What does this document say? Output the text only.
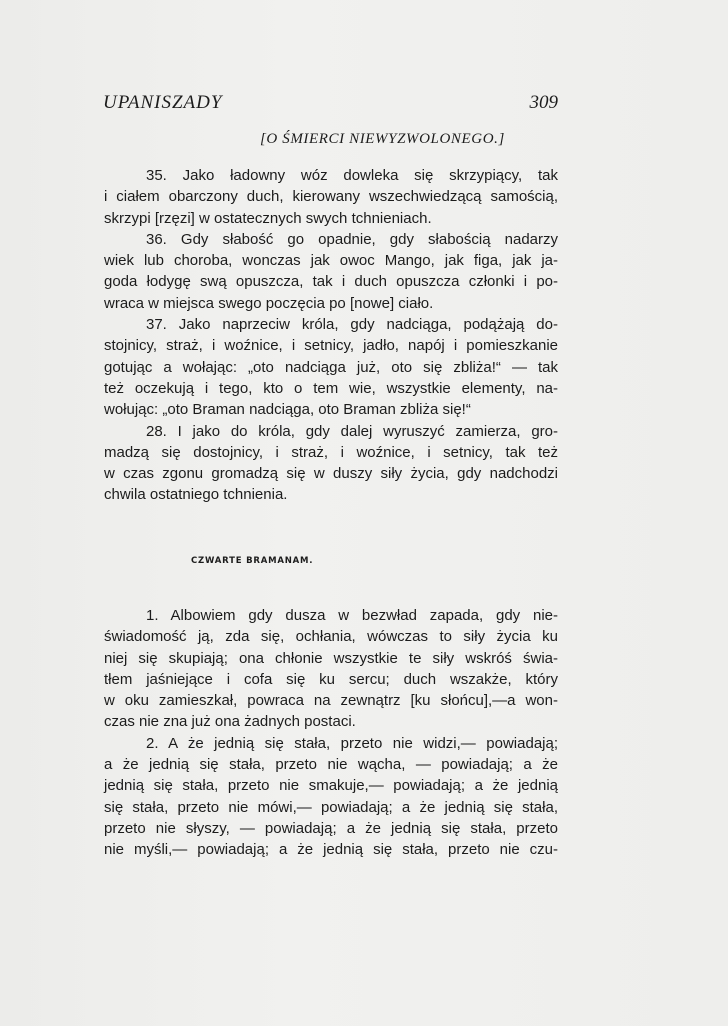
UPANISZADY	309
[O ŚMIERCI NIEWYZWOLONEGO.]
35. Jako ładowny wóz dowleka się skrzypiący, tak
i ciałem obarczony duch, kierowany wszechwiedzącą samością,
skrzypi [rzęzi] w ostatecznych swych tchnieniach.
36. Gdy słabość go opadnie, gdy słabością nadarzy
wiek lub choroba, wonczas jak owoc Mango, jak figa, jak ja-
goda łodygę swą opuszcza, tak i duch opuszcza członki i po-
wraca w miejsca swego poczęcia po [nowe] ciało.
37. Jako naprzeciw króla, gdy nadciąga, podążają do-
stojnicy, straż, i woźnice, i setnicy, jadło, napój i pomieszkanie
gotując a wołając: „oto nadciąga już, oto się zbliża!“ — tak
też oczekują i tego, kto o tem wie, wszystkie elementy, na-
wołując: „oto Braman nadciąga, oto Braman zbliża się!“
28. I jako do króla, gdy dalej wyruszyć zamierza, gro-
madzą się dostojnicy, i straż, i woźnice, i setnicy, tak też
w czas zgonu gromadzą się w duszy siły życia, gdy nadchodzi
chwila ostatniego tchnienia.
CZWARTE BRAMANAM.
1. Albowiem gdy dusza w bezwład zapada, gdy nie-
świadomość ją, zda się, ochłania, wówczas to siły życia ku
niej się skupiają; ona chłonie wszystkie te siły wskróś świa-
tłem jaśniejące i cofa się ku sercu; duch wszakże, który
w oku zamieszkał, powraca na zewnątrz [ku słońcu],—a won-
czas nie zna już ona żadnych postaci.
2. A że jednią się stała, przeto nie widzi,— powiadają;
a że jednią się stała, przeto nie wącha, — powiadają; a że
jednią się stała, przeto nie smakuje,— powiadają; a że jednią
się stała, przeto nie mówi,— powiadają; a że jednią się stała,
przeto nie słyszy, — powiadają; a że jednią się stała, przeto
nie myśli,— powiadają; a że jednią się stała, przeto nie czu-
